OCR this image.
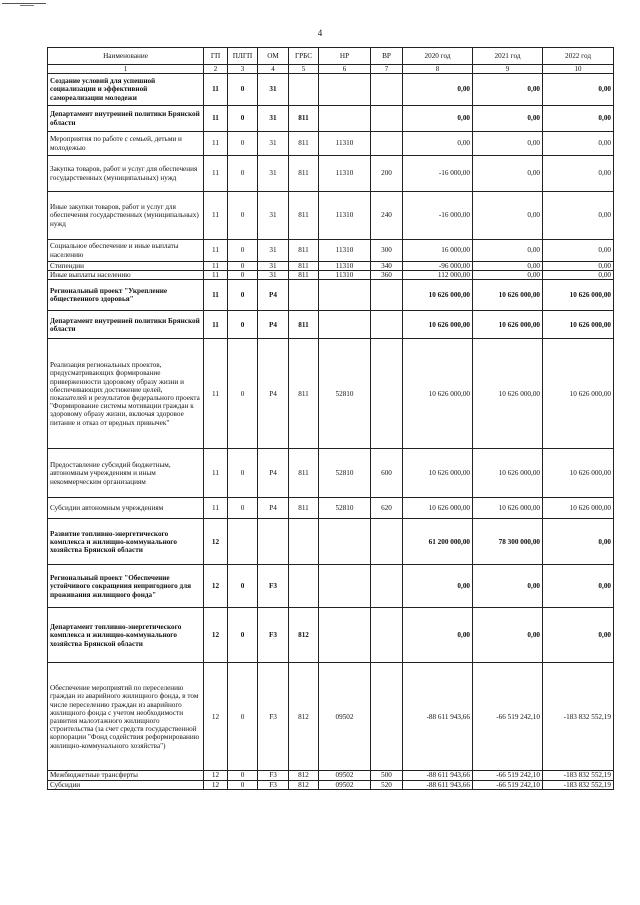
4
Наименование	ГП	ПЛГП	ОМ	ГРБС	НР	ВР	2020 год	2021 год	2022 год
1	2	3	4	5	6	7	8	9	10
Создание условий для успешной социализации и эффективной самореализации молодежи	11	0	31				0,00	0,00	0,00
Департамент внутренней политики Брянской области	11	0	31	811			0,00	0,00	0,00
Мероприятия по работе с семьей, детьми и молодежью	11	0	31	811	11310		0,00	0,00	0,00
Закупка товаров, работ и услуг для обеспечения государственных (муниципальных) нужд	11	0	31	811	11310	200	-16 000,00	0,00	0,00
Иные закупки товаров, работ и услуг для обеспечения государственных (муниципальных) нужд	11	0	31	811	11310	240	-16 000,00	0,00	0,00
Социальное обеспечение и иные выплаты населению	11	0	31	811	11310	300	16 000,00	0,00	0,00
Стипендии	11	0	31	811	11310	340	-96 000,00	0,00	0,00
Иные выплаты населению	11	0	31	811	11310	360	112 000,00	0,00	0,00
Региональный проект "Укрепление общественного здоровья"	11	0	Р4				10 626 000,00	10 626 000,00	10 626 000,00
Департамент внутренней политики Брянской области	11	0	Р4	811			10 626 000,00	10 626 000,00	10 626 000,00
Реализация региональных проектов, предусматривающих формирование приверженности здоровому образу жизни и обеспечивающих достижение целей, показателей и результатов федерального проекта "Формирование системы мотивации граждан к здоровому образу жизни, включая здоровое питание и отказ от вредных привычек"	11	0	Р4	811	52810		10 626 000,00	10 626 000,00	10 626 000,00
Предоставление субсидий бюджетным, автономным учреждениям и иным некоммерческим организациям	11	0	Р4	811	52810	600	10 626 000,00	10 626 000,00	10 626 000,00
Субсидии автономным учреждениям	11	0	Р4	811	52810	620	10 626 000,00	10 626 000,00	10 626 000,00
Развитие топливно-энергетического комплекса и жилищно-коммунального хозяйства Брянской области	12						61 200 000,00	78 300 000,00	0,00
Региональный проект "Обеспечение устойчивого сокращения непригодного для проживания жилищного фонда"	12	0	F3				0,00	0,00	0,00
Департамент топливно-энергетического комплекса и жилищно-коммунального хозяйства Брянской области	12	0	F3	812			0,00	0,00	0,00
Обеспечение мероприятий по переселению граждан из аварийного жилищного фонда, в том числе переселению граждан из аварийного жилищного фонда с учетом необходимости развития малоэтажного жилищного строительства (за счет средств государственной корпорации "Фонд содействия реформированию жилищно-коммунального хозяйства")	12	0	F3	812	09502		-88 611 943,66	-66 519 242,10	-183 832 552,19
Межбюджетные трансферты	12	0	F3	812	09502	500	-88 611 943,66	-66 519 242,10	-183 832 552,19
Субсидии	12	0	F3	812	09502	520	-88 611 943,66	-66 519 242,10	-183 832 552,19
